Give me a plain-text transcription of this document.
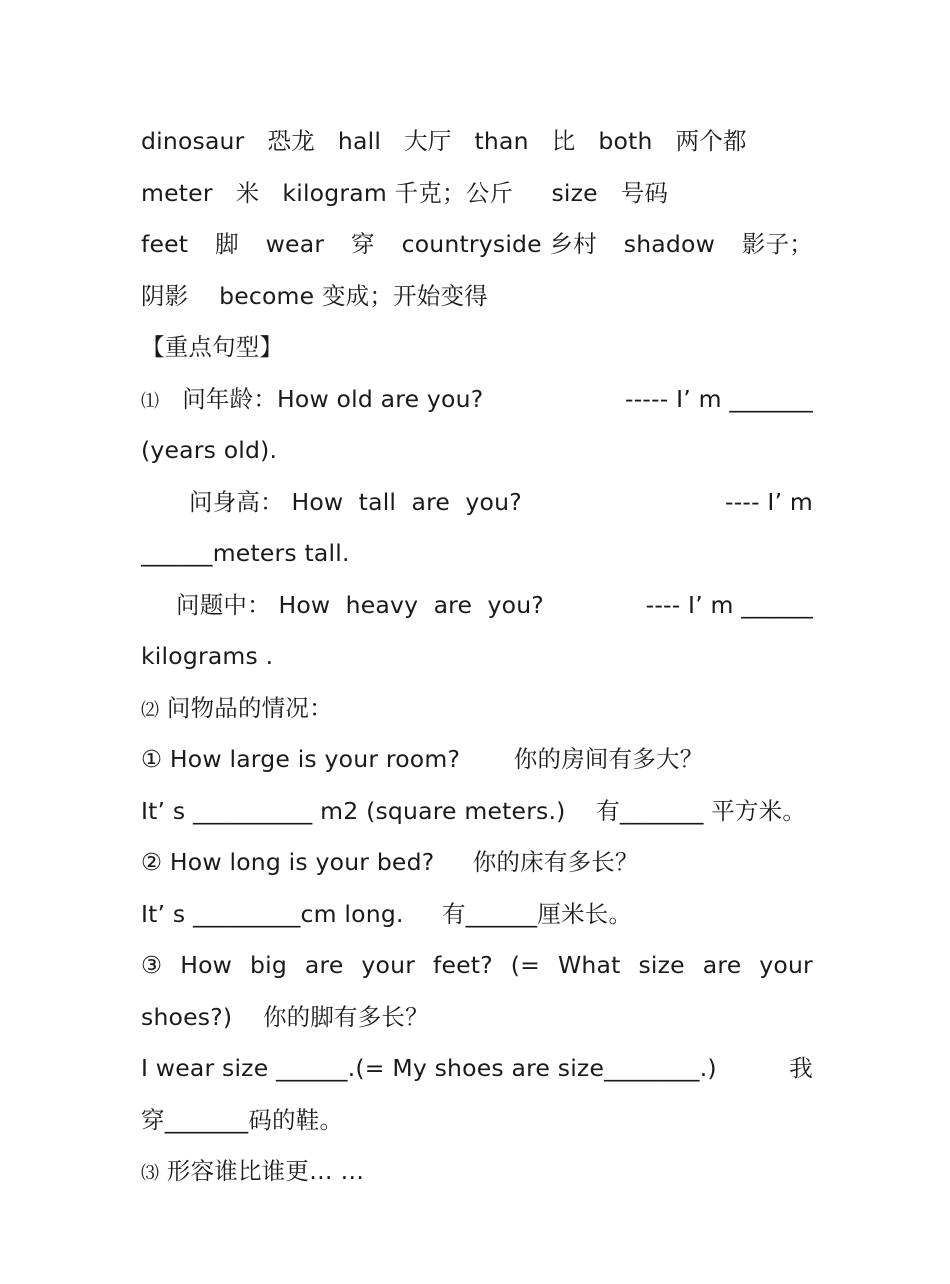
dinosaur   恐龙   hall   大厅   than   比   both   两个都
meter   米   kilogram 千克；公斤     size   号码
feet 脚 wear 穿 countryside 乡村 shadow 影子；
阴影    become 变成；开始变得
【重点句型】
⑴ 问年龄：How old are you?	----- I’ m _______
(years old).
问身高： How  tall  are  you?	---- I’ m
______meters tall.
问题中： How  heavy  are  you?	---- I’ m ______
kilograms .
⑵ 问物品的情况：
① How large is your room?       你的房间有多大？
It’ s __________ m2 (square meters.)    有_______ 平方米。
② How long is your bed?     你的床有多长？
It’ s _________cm long.     有______厘米长。
③ How big are your feet? (= What size are your
shoes?)    你的脚有多长？
I wear size ______.(= My shoes are size________.)	我
穿_______码的鞋。
⑶ 形容谁比谁更… …
